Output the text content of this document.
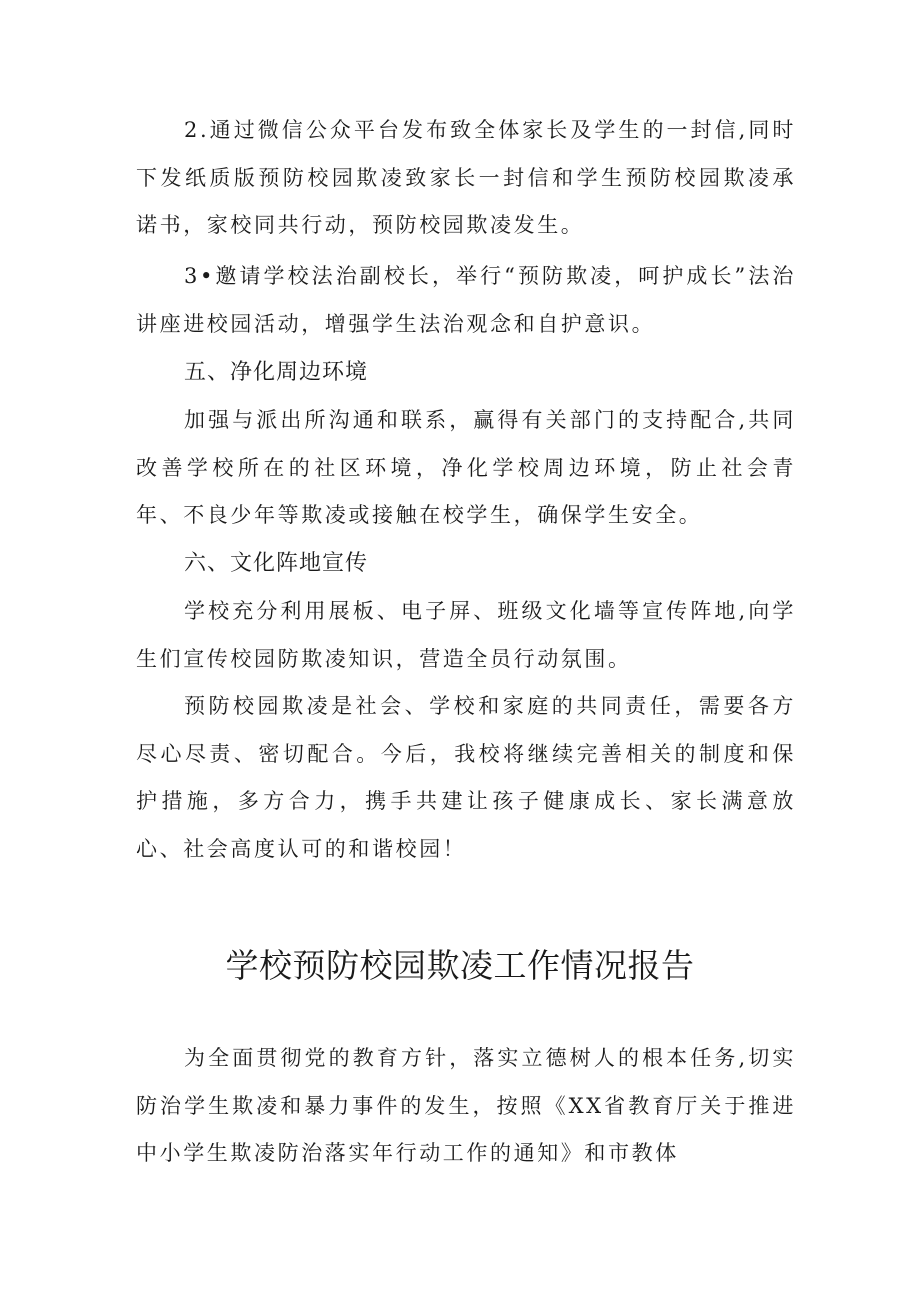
2.通过微信公众平台发布致全体家长及学生的一封信,同时下发纸质版预防校园欺凌致家长一封信和学生预防校园欺凌承诺书，家校同共行动，预防校园欺凌发生。

3•邀请学校法治副校长，举行“预防欺凌，呵护成长”法治讲座进校园活动，增强学生法治观念和自护意识。

五、净化周边环境

加强与派出所沟通和联系，赢得有关部门的支持配合,共同改善学校所在的社区环境，净化学校周边环境，防止社会青年、不良少年等欺凌或接触在校学生，确保学生安全。

六、文化阵地宣传

学校充分利用展板、电子屏、班级文化墙等宣传阵地,向学生们宣传校园防欺凌知识，营造全员行动氛围。

预防校园欺凌是社会、学校和家庭的共同责任，需要各方尽心尽责、密切配合。今后，我校将继续完善相关的制度和保护措施，多方合力，携手共建让孩子健康成长、家长满意放心、社会高度认可的和谐校园！

学校预防校园欺凌工作情况报告

为全面贯彻党的教育方针，落实立德树人的根本任务,切实防治学生欺凌和暴力事件的发生，按照《XX省教育厅关于推进中小学生欺凌防治落实年行动工作的通知》和市教体
